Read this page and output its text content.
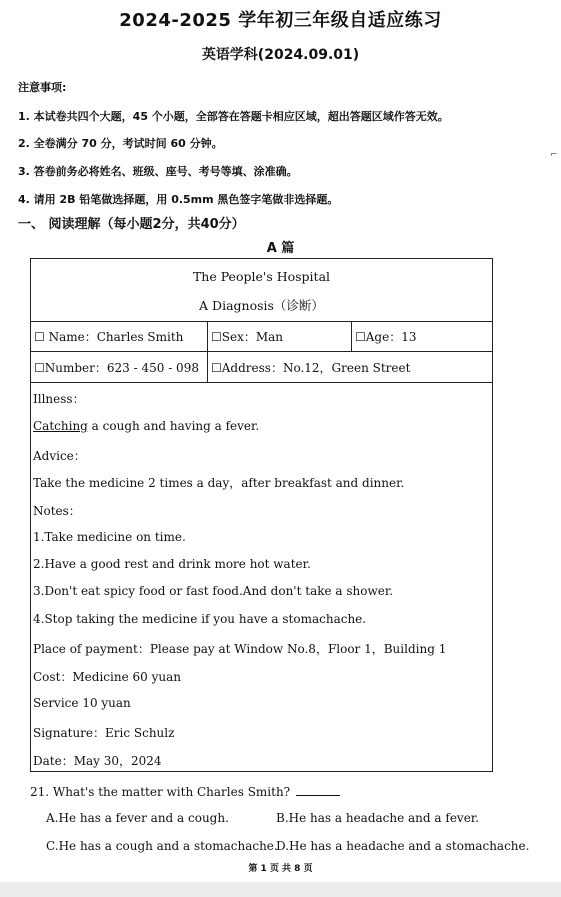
2024-2025 学年初三年级自适应练习
英语学科(2024.09.01)
注意事项:
1. 本试卷共四个大题，45 个小题，全部答在答题卡相应区域，超出答题区域作答无效。
2. 全卷满分 70 分，考试时间 60 分钟。
3. 答卷前务必将姓名、班级、座号、考号等填、涂准确。
4. 请用 2B 铅笔做选择题，用 0.5mm 黑色签字笔做非选择题。
一、 阅读理解（每小题2分，共40分）
A 篇
The People's Hospital
A Diagnosis（诊断）
☐ Name：Charles Smith ☐Sex：Man	☐Age：13
☐Number：623 - 450 - 098 ☐Address：No.12，Green Street
Illness：
Catching a cough and having a fever.
Advice：
Take the medicine 2 times a day，after breakfast and dinner.
Notes：
1.Take medicine on time.
2.Have a good rest and drink more hot water.
3.Don't eat spicy food or fast food.And don't take a shower.
4.Stop taking the medicine if you have a stomachache.
Place of payment：Please pay at Window No.8，Floor 1，Building 1
Cost：Medicine 60 yuan
Service 10 yuan
Signature：Eric Schulz
Date：May 30，2024
21. What's the matter with Charles Smith?
A.He has a fever and a cough.	B.He has a headache and a fever.
C.He has a cough and a stomachache.
D.He has a headache and a stomachache.
第 1 页 共 8 页
⌐
